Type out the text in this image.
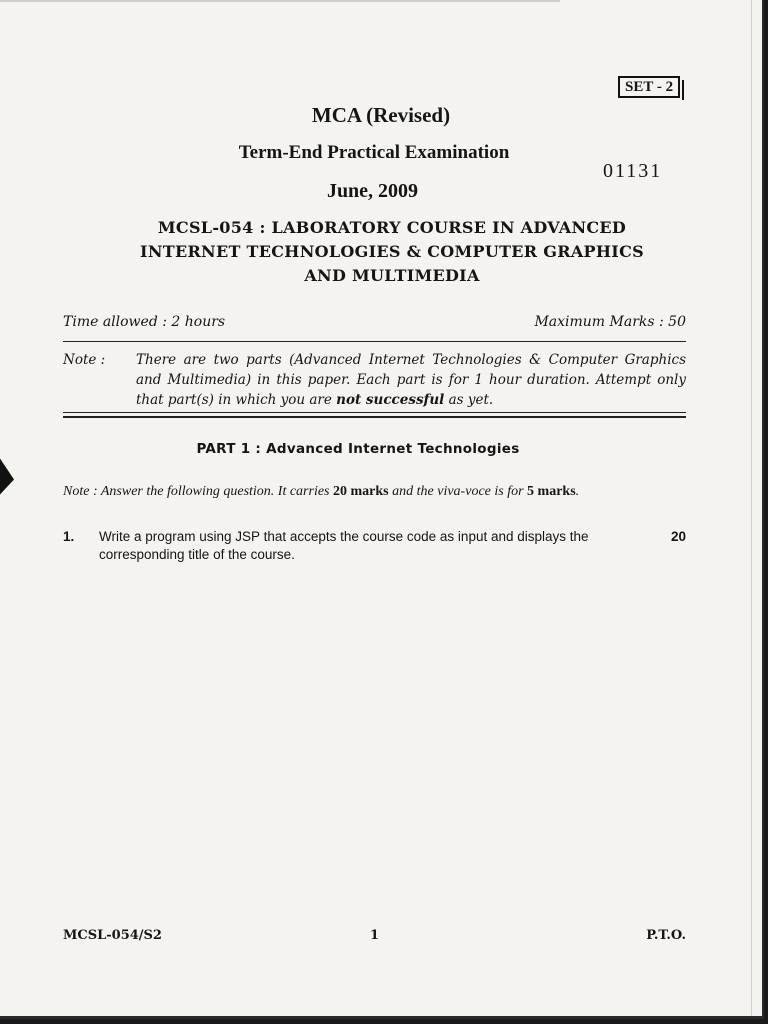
SET - 2
MCA (Revised)
Term-End Practical Examination
01131
June, 2009
MCSL-054 : LABORATORY COURSE IN ADVANCED
INTERNET TECHNOLOGIES & COMPUTER GRAPHICS
AND MULTIMEDIA
Time allowed : 2 hours	Maximum Marks : 50
Note : There are two parts (Advanced Internet Technologies & Computer Graphics and Multimedia) in this paper. Each part is for 1 hour duration. Attempt only that part(s) in which you are not successful as yet.
PART 1 : Advanced Internet Technologies
Note : Answer the following question. It carries 20 marks and the viva-voce is for 5 marks.
1. Write a program using JSP that accepts the course code as input and displays the corresponding title of the course.
20
MCSL-054/S2	1	P.T.O.
